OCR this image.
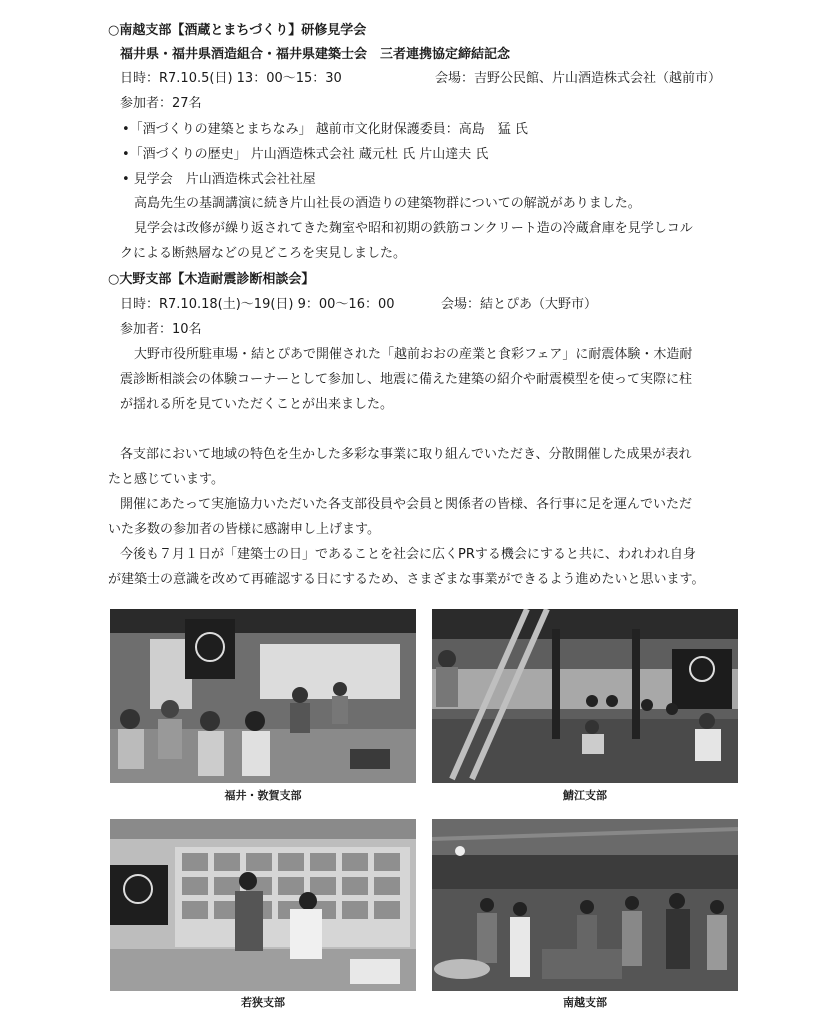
○南越支部【酒蔵とまちづくり】研修見学会
福井県・福井県酒造組合・福井県建築士会　三者連携協定締結記念
日時：R7.10.5(日) 13：00〜15：30	会場：吉野公民館、片山酒造株式会社（越前市）
参加者：27名
•「酒づくりの建築とまちなみ」 越前市文化財保護委員：高島　猛 氏
•「酒づくりの歴史」 片山酒造株式会社 蔵元杜 氏 片山達夫 氏
• 見学会　片山酒造株式会社社屋
高島先生の基調講演に続き片山社長の酒造りの建築物群についての解説がありました。
見学会は改修が繰り返されてきた麹室や昭和初期の鉄筋コンクリート造の冷蔵倉庫を見学しコル
クによる断熱層などの見どころを実見しました。
○大野支部【木造耐震診断相談会】
日時：R7.10.18(土)〜19(日) 9：00〜16：00	会場：結とぴあ（大野市）
参加者：10名
大野市役所駐車場・結とぴあで開催された「越前おおの産業と食彩フェア」に耐震体験・木造耐
震診断相談会の体験コーナーとして参加し、地震に備えた建築の紹介や耐震模型を使って実際に柱
が揺れる所を見ていただくことが出来ました。
各支部において地域の特色を生かした多彩な事業に取り組んでいただき、分散開催した成果が表れ
たと感じています。
開催にあたって実施協力いただいた各支部役員や会員と関係者の皆様、各行事に足を運んでいただ
いた多数の参加者の皆様に感謝申し上げます。
今後も７月１日が「建築士の日」であることを社会に広くPRする機会にすると共に、われわれ自身
が建築士の意識を改めて再確認する日にするため、さまざまな事業ができるよう進めたいと思います。
福井・敦賀支部	鯖江支部
若狭支部	南越支部
